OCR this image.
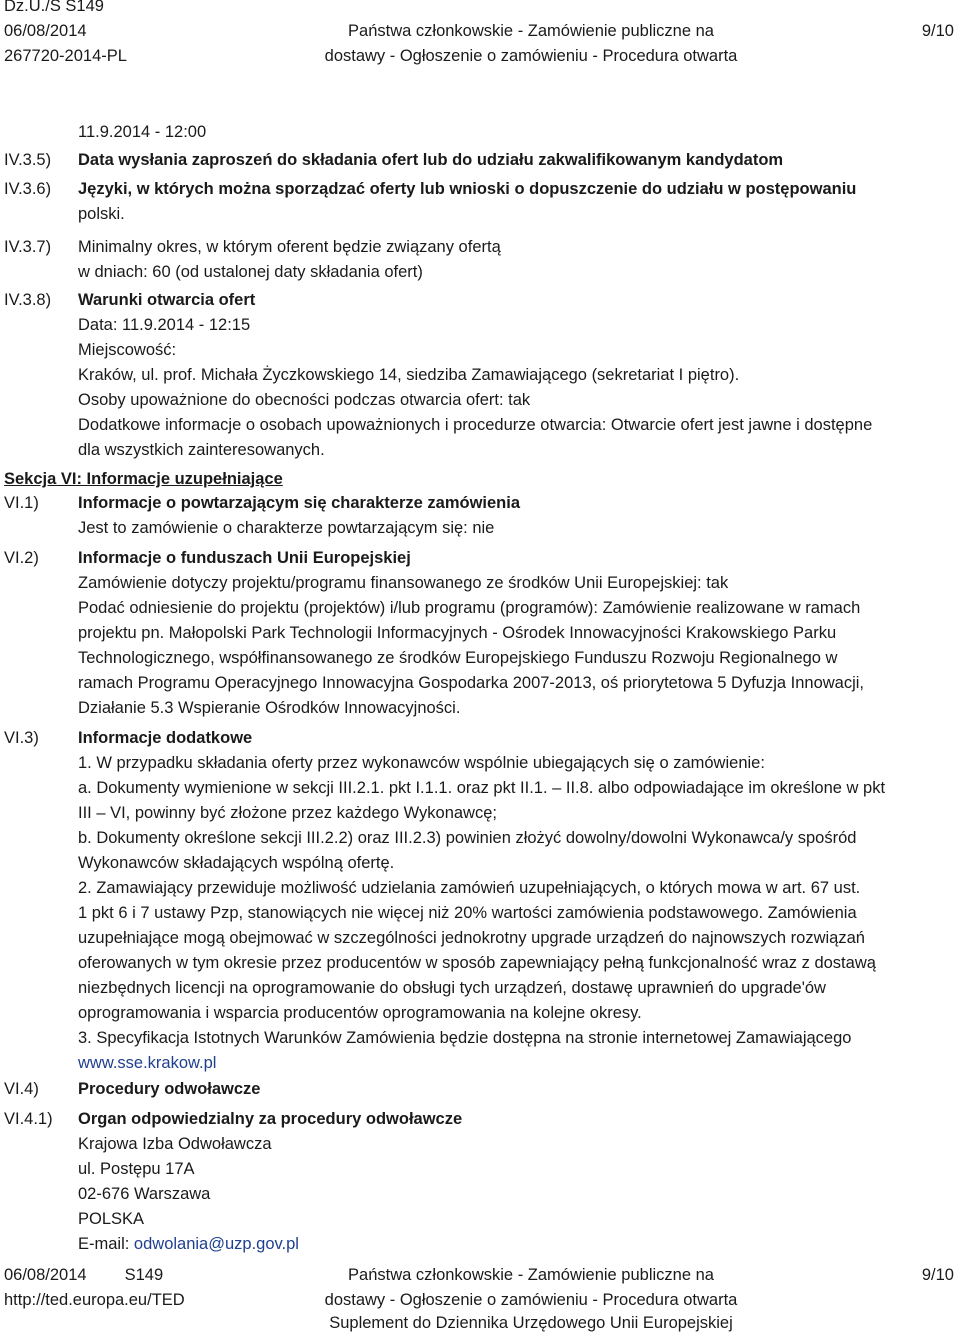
Dz.U./S S149
06/08/2014
267720-2014-PL
Państwa członkowskie - Zamówienie publiczne na
dostawy - Ogłoszenie o zamówieniu - Procedura otwarta
9/10
IV.3.5)
IV.3.6)
IV.3.7)
IV.3.8)
VI.1)
VI.2)
VI.3)
VI.4)
VI.4.1)
11.9.2014 - 12:00
Data wysłania zaproszeń do składania ofert lub do udziału zakwalifikowanym kandydatom
Języki, w których można sporządzać oferty lub wnioski o dopuszczenie do udziału w postępowaniu
polski.
Minimalny okres, w którym oferent będzie związany ofertą
w dniach: 60 (od ustalonej daty składania ofert)
Warunki otwarcia ofert
Data: 11.9.2014 - 12:15
Miejscowość:
Kraków, ul. prof. Michała Życzkowskiego 14, siedziba Zamawiającego (sekretariat I piętro).
Osoby upoważnione do obecności podczas otwarcia ofert: tak
Dodatkowe informacje o osobach upoważnionych i procedurze otwarcia: Otwarcie ofert jest jawne i dostępne
dla wszystkich zainteresowanych.
Sekcja VI: Informacje uzupełniające
Informacje o powtarzającym się charakterze zamówienia
Jest to zamówienie o charakterze powtarzającym się: nie
Informacje o funduszach Unii Europejskiej
Zamówienie dotyczy projektu/programu finansowanego ze środków Unii Europejskiej: tak
Podać odniesienie do projektu (projektów) i/lub programu (programów): Zamówienie realizowane w ramach
projektu pn. Małopolski Park Technologii Informacyjnych - Ośrodek Innowacyjności Krakowskiego Parku
Technologicznego, współfinansowanego ze środków Europejskiego Funduszu Rozwoju Regionalnego w
ramach Programu Operacyjnego Innowacyjna Gospodarka 2007-2013, oś priorytetowa 5 Dyfuzja Innowacji,
Działanie 5.3 Wspieranie Ośrodków Innowacyjności.
Informacje dodatkowe
1. W przypadku składania oferty przez wykonawców wspólnie ubiegających się o zamówienie:
a. Dokumenty wymienione w sekcji III.2.1. pkt I.1.1. oraz pkt II.1. – II.8. albo odpowiadające im określone w pkt
III – VI, powinny być złożone przez każdego Wykonawcę;
b. Dokumenty określone sekcji III.2.2) oraz III.2.3) powinien złożyć dowolny/dowolni Wykonawca/y spośród
Wykonawców składających wspólną ofertę.
2. Zamawiający przewiduje możliwość udzielania zamówień uzupełniających, o których mowa w art. 67 ust.
1 pkt 6 i 7 ustawy Pzp, stanowiących nie więcej niż 20% wartości zamówienia podstawowego. Zamówienia
uzupełniające mogą obejmować w szczególności jednokrotny upgrade urządzeń do najnowszych rozwiązań
oferowanych w tym okresie przez producentów w sposób zapewniający pełną funkcjonalność wraz z dostawą
niezbędnych licencji na oprogramowanie do obsługi tych urządzeń, dostawę uprawnień do upgrade'ów
oprogramowania i wsparcia producentów oprogramowania na kolejne okresy.
3. Specyfikacja Istotnych Warunków Zamówienia będzie dostępna na stronie internetowej Zamawiającego
www.sse.krakow.pl
Procedury odwoławcze
Organ odpowiedzialny za procedury odwoławcze
Krajowa Izba Odwoławcza
ul. Postępu 17A
02-676 Warszawa
POLSKA
E-mail: odwolania@uzp.gov.pl
06/08/2014 S149
http://ted.europa.eu/TED
Państwa członkowskie - Zamówienie publiczne na
dostawy - Ogłoszenie o zamówieniu - Procedura otwarta
Suplement do Dziennika Urzędowego Unii Europejskiej
9/10
